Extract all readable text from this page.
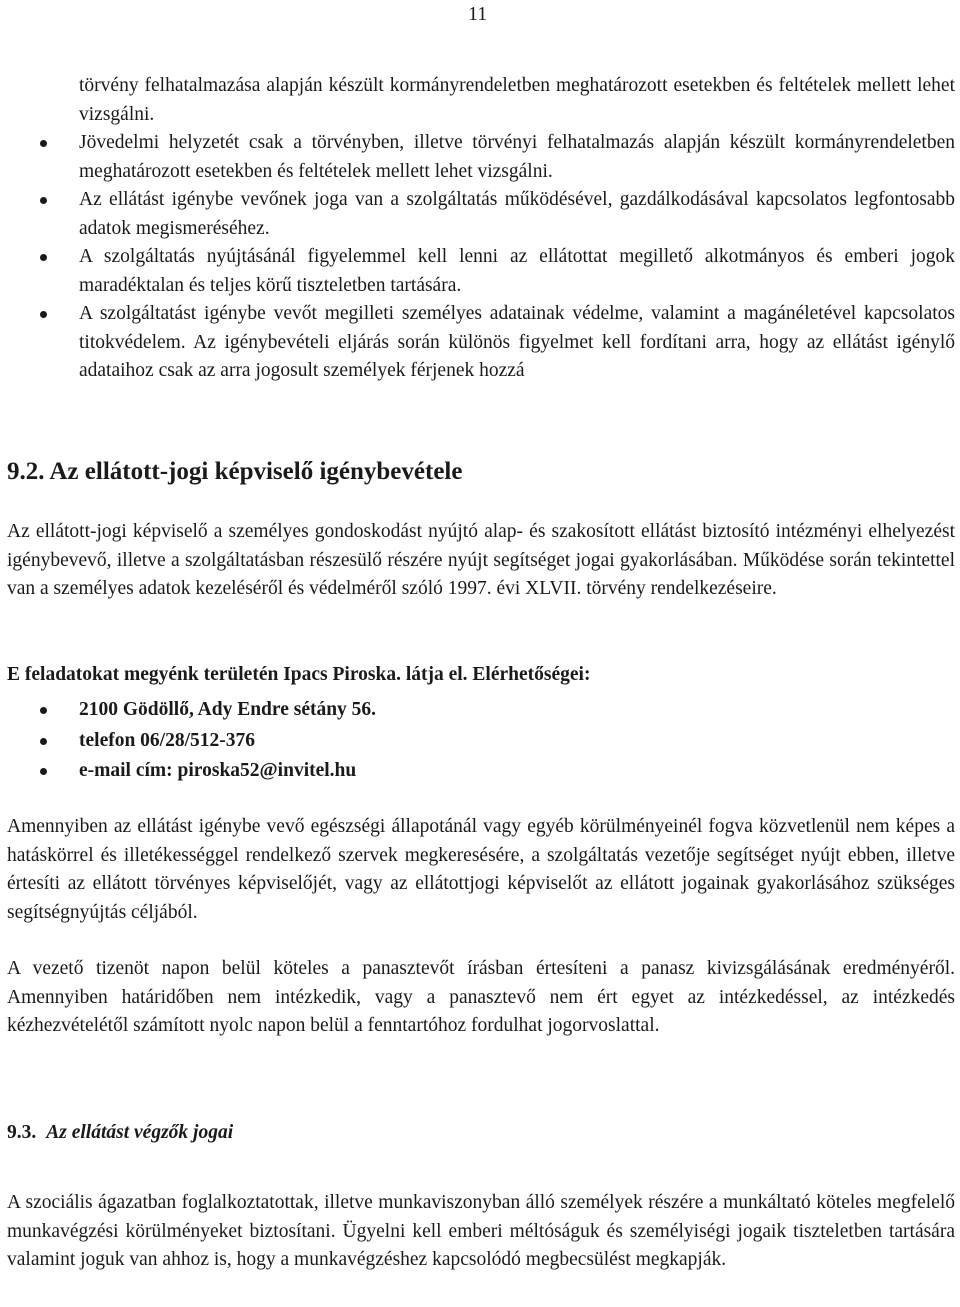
11
törvény felhatalmazása alapján készült kormányrendeletben meghatározott esetekben és feltételek mellett lehet vizsgálni.
Jövedelmi helyzetét csak a törvényben, illetve törvényi felhatalmazás alapján készült kormányrendeletben meghatározott esetekben és feltételek mellett lehet vizsgálni.
Az ellátást igénybe vevőnek joga van a szolgáltatás működésével, gazdálkodásával kapcsolatos legfontosabb adatok megismeréséhez.
A szolgáltatás nyújtásánál figyelemmel kell lenni az ellátottat megillető alkotmányos és emberi jogok maradéktalan és teljes körű tiszteletben tartására.
A szolgáltatást igénybe vevőt megilleti személyes adatainak védelme, valamint a magánéletével kapcsolatos titokvédelem. Az igénybevételi eljárás során különös figyelmet kell fordítani arra, hogy az ellátást igénylő adataihoz csak az arra jogosult személyek férjenek hozzá
9.2. Az ellátott-jogi képviselő igénybevétele
Az ellátott-jogi képviselő a személyes gondoskodást nyújtó alap- és szakosított ellátást biztosító intézményi elhelyezést igénybevevő, illetve a szolgáltatásban részesülő részére nyújt segítséget jogai gyakorlásában. Működése során tekintettel van a személyes adatok kezeléséről és védelméről szóló 1997. évi XLVII. törvény rendelkezéseire.
E feladatokat megyénk területén Ipacs Piroska. látja el. Elérhetőségei:
2100 Gödöllő, Ady Endre sétány 56.
telefon 06/28/512-376
e-mail cím: piroska52@invitel.hu
Amennyiben az ellátást igénybe vevő egészségi állapotánál vagy egyéb körülményeinél fogva közvetlenül nem képes a hatáskörrel és illetékességgel rendelkező szervek megkeresésére, a szolgáltatás vezetője segítséget nyújt ebben, illetve értesíti az ellátott törvényes képviselőjét, vagy az ellátottjogi képviselőt az ellátott jogainak gyakorlásához szükséges segítségnyújtás céljából.
A vezető tizenöt napon belül köteles a panasztevőt írásban értesíteni a panasz kivizsgálásának eredményéről. Amennyiben határidőben nem intézkedik, vagy a panasztevő nem ért egyet az intézkedéssel, az intézkedés kézhezvételétől számított nyolc napon belül a fenntartóhoz fordulhat jogorvoslattal.
9.3. Az ellátást végzők jogai
A szociális ágazatban foglalkoztatottak, illetve munkaviszonyban álló személyek részére a munkáltató köteles megfelelő munkavégzési körülményeket biztosítani. Ügyelni kell emberi méltóságuk és személyiségi jogaik tiszteletben tartására valamint joguk van ahhoz is, hogy a munkavégzéshez kapcsolódó megbecsülést megkapják.
